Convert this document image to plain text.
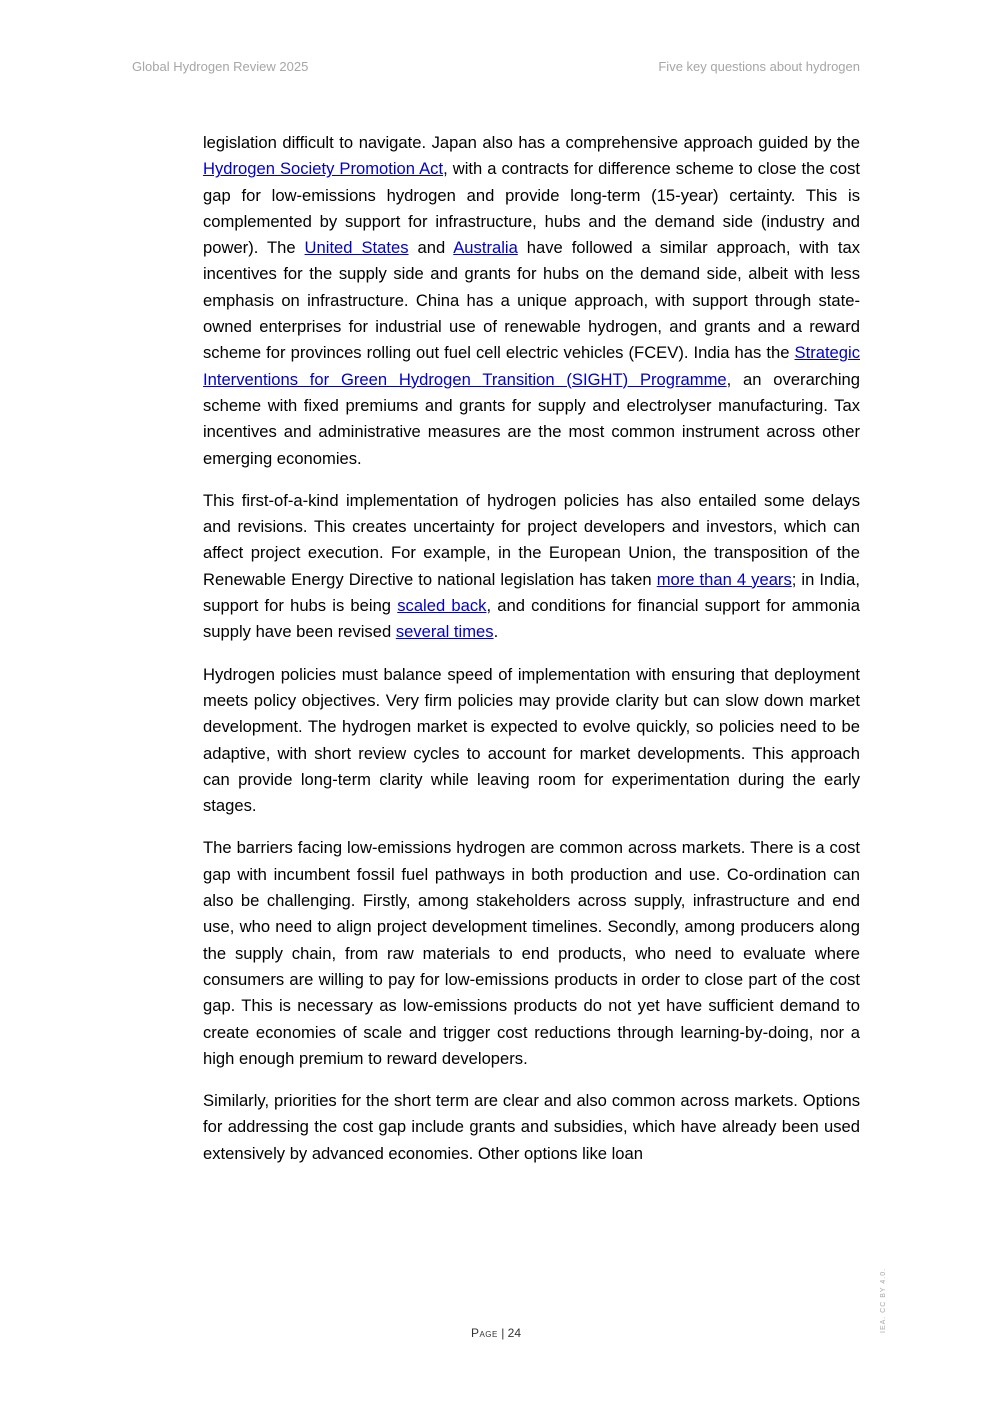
Global Hydrogen Review 2025	Five key questions about hydrogen

legislation difficult to navigate. Japan also has a comprehensive approach guided by the Hydrogen Society Promotion Act, with a contracts for difference scheme to close the cost gap for low-emissions hydrogen and provide long-term (15-year) certainty. This is complemented by support for infrastructure, hubs and the demand side (industry and power). The United States and Australia have followed a similar approach, with tax incentives for the supply side and grants for hubs on the demand side, albeit with less emphasis on infrastructure. China has a unique approach, with support through state-owned enterprises for industrial use of renewable hydrogen, and grants and a reward scheme for provinces rolling out fuel cell electric vehicles (FCEV). India has the Strategic Interventions for Green Hydrogen Transition (SIGHT) Programme, an overarching scheme with fixed premiums and grants for supply and electrolyser manufacturing. Tax incentives and administrative measures are the most common instrument across other emerging economies.

This first-of-a-kind implementation of hydrogen policies has also entailed some delays and revisions. This creates uncertainty for project developers and investors, which can affect project execution. For example, in the European Union, the transposition of the Renewable Energy Directive to national legislation has taken more than 4 years; in India, support for hubs is being scaled back, and conditions for financial support for ammonia supply have been revised several times.

Hydrogen policies must balance speed of implementation with ensuring that deployment meets policy objectives. Very firm policies may provide clarity but can slow down market development. The hydrogen market is expected to evolve quickly, so policies need to be adaptive, with short review cycles to account for market developments. This approach can provide long-term clarity while leaving room for experimentation during the early stages.

The barriers facing low-emissions hydrogen are common across markets. There is a cost gap with incumbent fossil fuel pathways in both production and use. Co-ordination can also be challenging. Firstly, among stakeholders across supply, infrastructure and end use, who need to align project development timelines. Secondly, among producers along the supply chain, from raw materials to end products, who need to evaluate where consumers are willing to pay for low-emissions products in order to close part of the cost gap. This is necessary as low-emissions products do not yet have sufficient demand to create economies of scale and trigger cost reductions through learning-by-doing, nor a high enough premium to reward developers.

Similarly, priorities for the short term are clear and also common across markets. Options for addressing the cost gap include grants and subsidies, which have already been used extensively by advanced economies. Other options like loan

Page | 24	IEA. CC BY 4.0.
